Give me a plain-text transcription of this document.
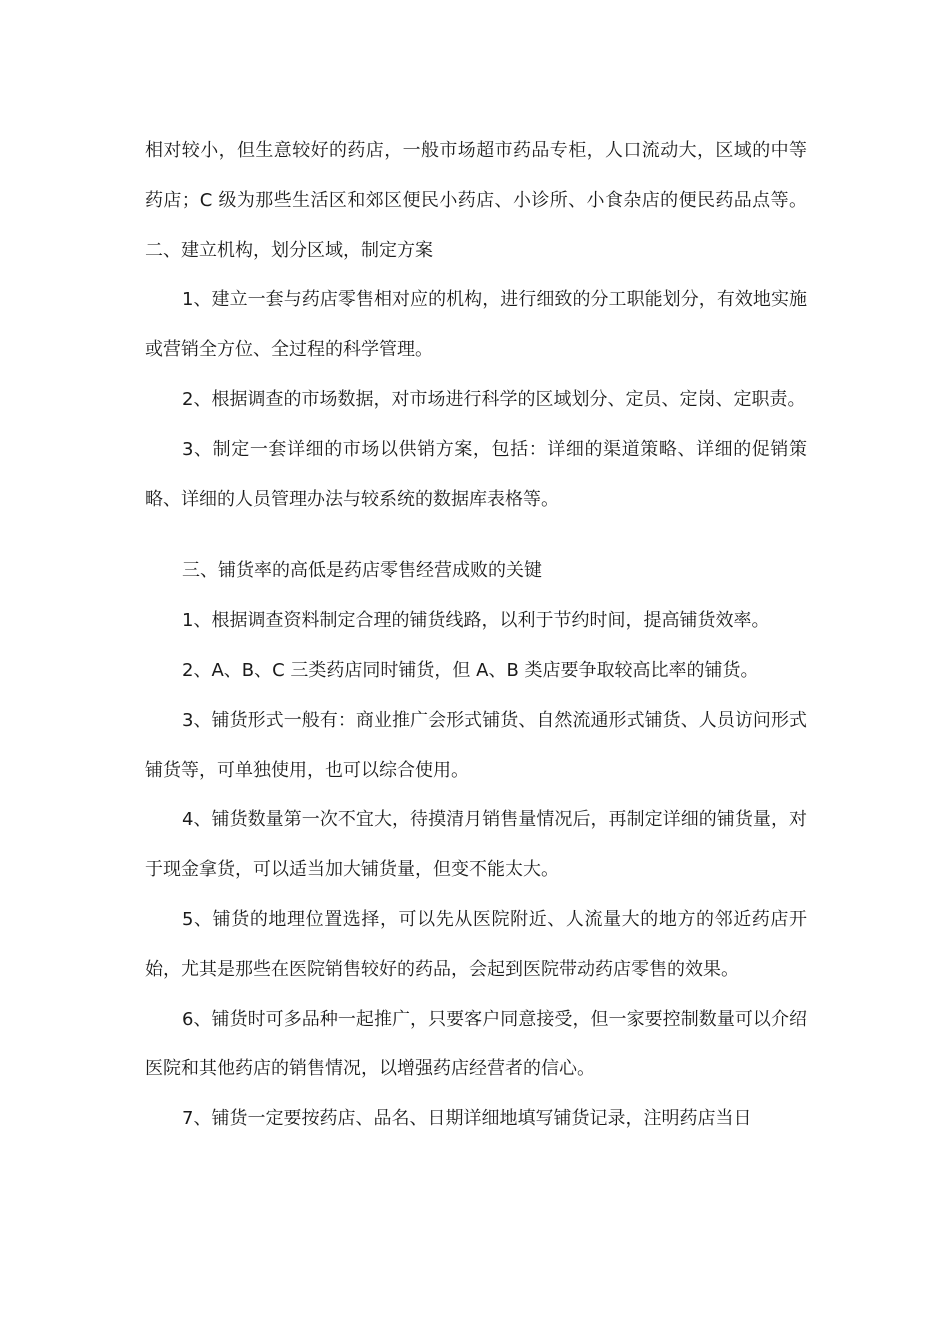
相对较小，但生意较好的药店，一般市场超市药品专柜，人口流动大，区域的中等药店；C 级为那些生活区和郊区便民小药店、小诊所、小食杂店的便民药品点等。二、建立机构，划分区域，制定方案

1、建立一套与药店零售相对应的机构，进行细致的分工职能划分，有效地实施或营销全方位、全过程的科学管理。

2、根据调查的市场数据，对市场进行科学的区域划分、定员、定岗、定职责。

3、制定一套详细的市场以供销方案，包括：详细的渠道策略、详细的促销策略、详细的人员管理办法与较系统的数据库表格等。

三、铺货率的高低是药店零售经营成败的关键

1、根据调查资料制定合理的铺货线路，以利于节约时间，提高铺货效率。

2、A、B、C 三类药店同时铺货，但 A、B 类店要争取较高比率的铺货。

3、铺货形式一般有：商业推广会形式铺货、自然流通形式铺货、人员访问形式铺货等，可单独使用，也可以综合使用。

4、铺货数量第一次不宜大，待摸清月销售量情况后，再制定详细的铺货量，对于现金拿货，可以适当加大铺货量，但变不能太大。

5、铺货的地理位置选择，可以先从医院附近、人流量大的地方的邻近药店开始，尤其是那些在医院销售较好的药品，会起到医院带动药店零售的效果。

6、铺货时可多品种一起推广，只要客户同意接受，但一家要控制数量可以介绍医院和其他药店的销售情况，以增强药店经营者的信心。

7、铺货一定要按药店、品名、日期详细地填写铺货记录，注明药店当日
